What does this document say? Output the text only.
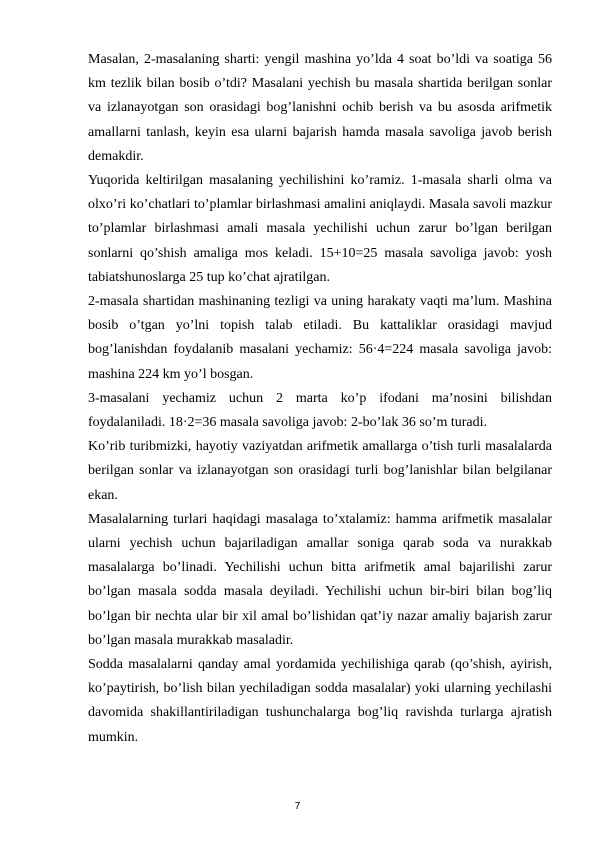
Masalan, 2-masalaning sharti: yengil mashina yo’lda 4 soat bo’ldi va soatiga 56 km tezlik bilan bosib o’tdi? Masalani yechish bu masala shartida berilgan sonlar va izlanayotgan son orasidagi bog’lanishni ochib berish va bu asosda arifmetik amallarni tanlash, keyin esa ularni bajarish hamda masala savoliga javob berish demakdir.

Yuqorida keltirilgan masalaning yechilishini ko’ramiz. 1-masala sharli olma va olxo’ri ko’chatlari to’plamlar birlashmasi amalini aniqlaydi. Masala savoli mazkur to’plamlar birlashmasi amali masala yechilishi uchun zarur bo’lgan berilgan sonlarni qo’shish amaliga mos keladi. 15+10=25 masala savoliga javob: yosh tabiatshunoslarga 25 tup ko’chat ajratilgan.

2-masala shartidan mashinaning tezligi va uning harakaty vaqti ma’lum. Mashina bosib o’tgan yo’lni topish talab etiladi. Bu kattaliklar orasidagi mavjud bog’lanishdan foydalanib masalani yechamiz: 56·4=224 masala savoliga javob: mashina 224 km yo’l bosgan.

3-masalani yechamiz uchun 2 marta ko’p ifodani ma’nosini bilishdan foydalaniladi. 18·2=36 masala savoliga javob: 2-bo’lak 36 so’m turadi.

Ko’rib turibmizki, hayotiy vaziyatdan arifmetik amallarga o’tish turli masalalarda berilgan sonlar va izlanayotgan son orasidagi turli bog’lanishlar bilan belgilanar ekan.

Masalalarning turlari haqidagi masalaga to’xtalamiz: hamma arifmetik masalalar ularni yechish uchun bajariladigan amallar soniga qarab soda va nurakkab masalalarga bo’linadi. Yechilishi uchun bitta arifmetik amal bajarilishi zarur bo’lgan masala sodda masala deyiladi. Yechilishi uchun bir-biri bilan bog’liq bo’lgan bir nechta ular bir xil amal bo’lishidan qat’iy nazar amaliy bajarish zarur bo’lgan masala murakkab masaladir.

Sodda masalalarni qanday amal yordamida yechilishiga qarab (qo’shish, ayirish, ko’paytirish, bo’lish bilan yechiladigan sodda masalalar) yoki ularning yechilashi davomida shakillantiriladigan tushunchalarga bog’liq ravishda turlarga ajratish mumkin.

7
